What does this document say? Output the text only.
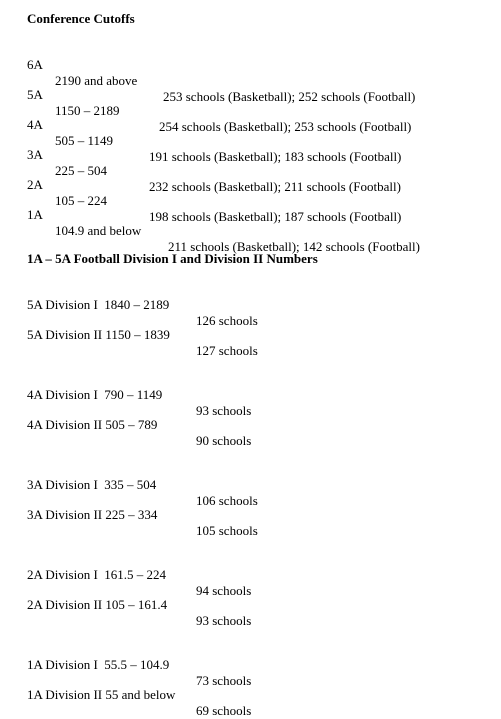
Conference Cutoffs

6A

2190 and above

253 schools (Basketball); 252 schools (Football)

5A

1150 – 2189

254 schools (Basketball); 253 schools (Football)

4A

505 – 1149

191 schools (Basketball); 183 schools (Football)

3A

225 – 504

232 schools (Basketball); 211 schools (Football)

2A

105 – 224

198 schools (Basketball); 187 schools (Football)

1A

104.9 and below

211 schools (Basketball); 142 schools (Football)

1A – 5A Football Division I and Division II Numbers

5A Division I  1840 – 2189

126 schools

5A Division II 1150 – 1839

127 schools

4A Division I  790 – 1149

93 schools

4A Division II 505 – 789

90 schools

3A Division I  335 – 504

106 schools

3A Division II 225 – 334

105 schools

2A Division I  161.5 – 224

94 schools

2A Division II 105 – 161.4

93 schools

1A Division I  55.5 – 104.9

73 schools

1A Division II 55 and below

69 schools
